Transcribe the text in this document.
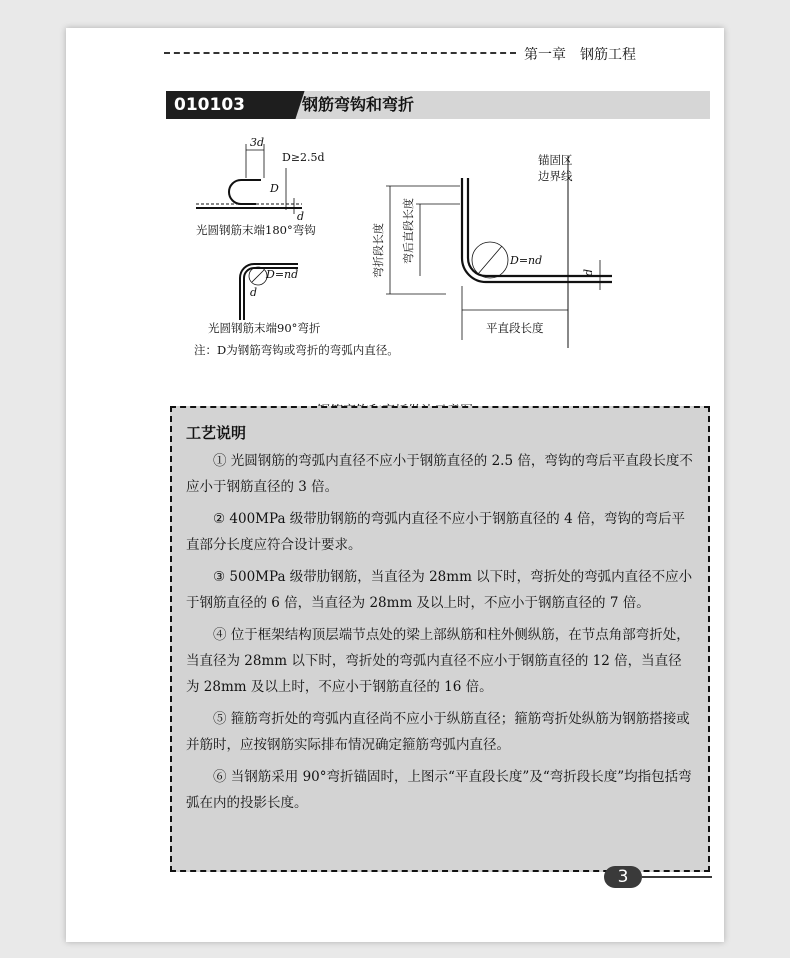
第一章 钢筋工程
010103	钢筋弯钩和弯折
3d
D≥2.5d
D
d
光圆钢筋末端180°弯钩
D=nd
d
光圆钢筋末端90°弯折
注：D为钢筋弯钩或弯折的弯弧内直径。
锚固区
边界线
弯折段长度 弯后直段长度	D=nd
d
平直段长度
工艺说明

① 光圆钢筋的弯弧内直径不应小于钢筋直径的 2.5 倍，弯钩的弯后平直段长度不应小于钢筋直径的 3 倍。

② 400MPa 级带肋钢筋的弯弧内直径不应小于钢筋直径的 4 倍，弯钩的弯后平直部分长度应符合设计要求。

③ 500MPa 级带肋钢筋，当直径为 28mm 以下时，弯折处的弯弧内直径不应小于钢筋直径的 6 倍，当直径为 28mm 及以上时，不应小于钢筋直径的 7 倍。

④ 位于框架结构顶层端节点处的梁上部纵筋和柱外侧纵筋，在节点角部弯折处，当直径为 28mm 以下时，弯折处的弯弧内直径不应小于钢筋直径的 12 倍，当直径为 28mm 及以上时，不应小于钢筋直径的 16 倍。

⑤ 箍筋弯折处的弯弧内直径尚不应小于纵筋直径；箍筋弯折处纵筋为钢筋搭接或并筋时，应按钢筋实际排布情况确定箍筋弯弧内直径。

⑥ 当钢筋采用 90°弯折锚固时，上图示“平直段长度”及“弯折段长度”均指包括弯弧在内的投影长度。

3
